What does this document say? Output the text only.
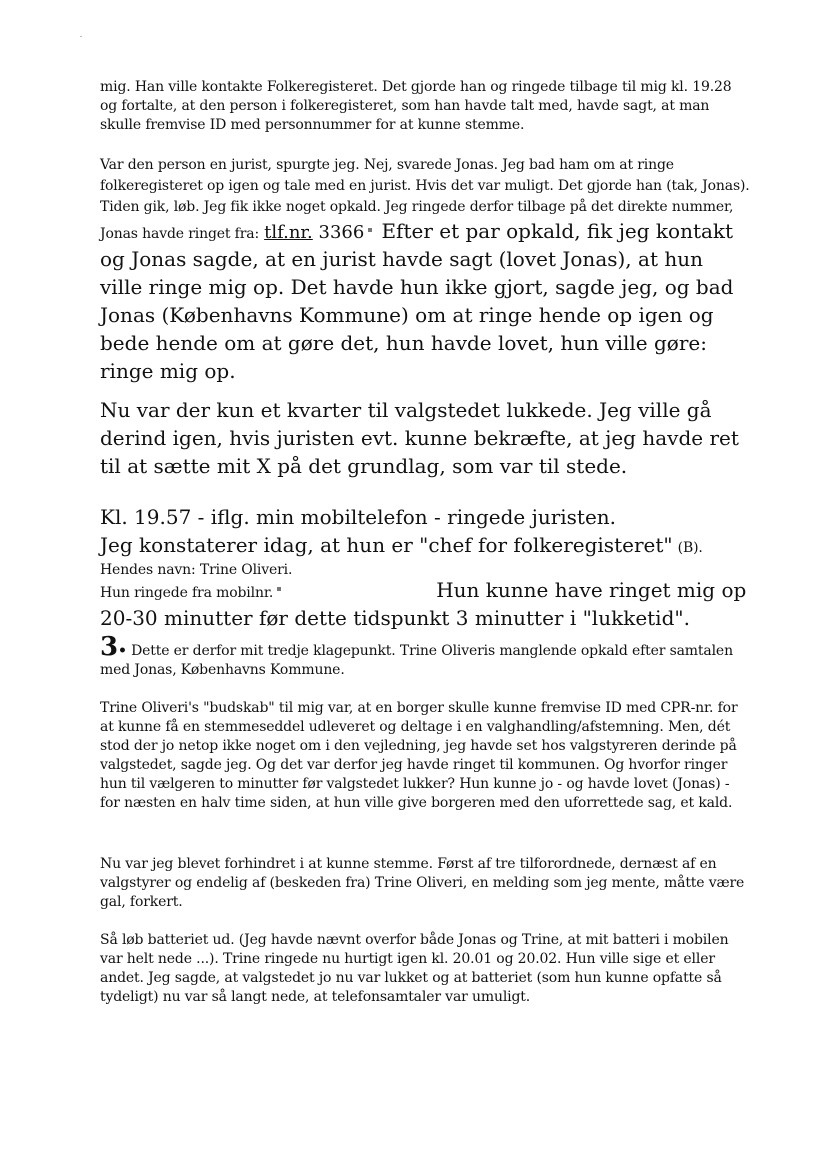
mig. Han ville kontakte Folkeregisteret. Det gjorde han og ringede tilbage til mig kl. 19.28 og fortalte, at den person i folkeregisteret, som han havde talt med, havde sagt, at man skulle fremvise ID med personnummer for at kunne stemme.

Var den person en jurist, spurgte jeg. Nej, svarede Jonas. Jeg bad ham om at ringe folkeregisteret op igen og tale med en jurist. Hvis det var muligt. Det gjorde han (tak, Jonas). Tiden gik, løb. Jeg fik ikke noget opkald. Jeg ringede derfor tilbage på det direkte nummer, Jonas havde ringet fra: tlf.nr. 3366 Efter et par opkald, fik jeg kontakt og Jonas sagde, at en jurist havde sagt (lovet Jonas), at hun ville ringe mig op. Det havde hun ikke gjort, sagde jeg, og bad Jonas (Københavns Kommune) om at ringe hende op igen og bede hende om at gøre det, hun havde lovet, hun ville gøre: ringe mig op.

Nu var der kun et kvarter til valgstedet lukkede. Jeg ville gå derind igen, hvis juristen evt. kunne bekræfte, at jeg havde ret til at sætte mit X på det grundlag, som var til stede.

Kl. 19.57 - iflg. min mobiltelefon - ringede juristen.
Jeg konstaterer idag, at hun er "chef for folkeregisteret" (B). Hendes navn: Trine Oliveri.
Hun ringede fra mobilnr.	Hun kunne have ringet mig op 20-30 minutter før dette tidspunkt 3 minutter i "lukketid".
3• Dette er derfor mit tredje klagepunkt. Trine Oliveris manglende opkald efter samtalen med Jonas, Københavns Kommune.

Trine Oliveri's "budskab" til mig var, at en borger skulle kunne fremvise ID med CPR-nr. for at kunne få en stemmeseddel udleveret og deltage i en valghandling/afstemning. Men, dét stod der jo netop ikke noget om i den vejledning, jeg havde set hos valgstyreren derinde på valgstedet, sagde jeg. Og det var derfor jeg havde ringet til kommunen. Og hvorfor ringer hun til vælgeren to minutter før valgstedet lukker? Hun kunne jo - og havde lovet (Jonas) - for næsten en halv time siden, at hun ville give borgeren med den uforrettede sag, et kald.

Nu var jeg blevet forhindret i at kunne stemme. Først af tre tilforordnede, dernæst af en valgstyrer og endelig af (beskeden fra) Trine Oliveri, en melding som jeg mente, måtte være gal, forkert.

Så løb batteriet ud. (Jeg havde nævnt overfor både Jonas og Trine, at mit batteri i mobilen var helt nede ...). Trine ringede nu hurtigt igen kl. 20.01 og 20.02. Hun ville sige et eller andet. Jeg sagde, at valgstedet jo nu var lukket og at batteriet (som hun kunne opfatte så tydeligt) nu var så langt nede, at telefonsamtaler var umuligt.
